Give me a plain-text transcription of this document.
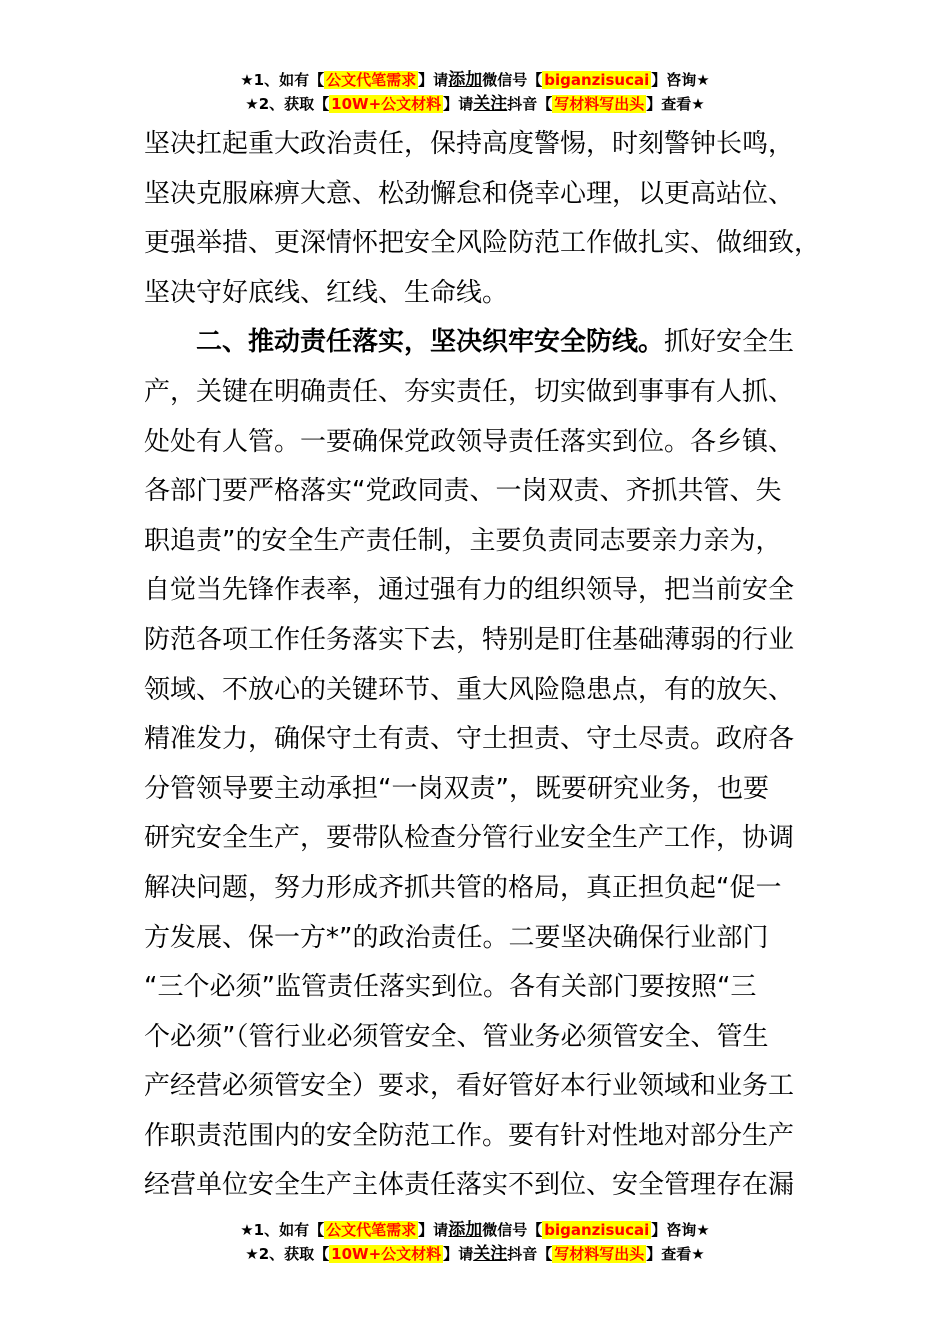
★1、如有【 公文代笔需求 】请添加微信号【 biganzisucai 】咨询★
★2、获取【 10W+公文材料 】请关注抖音【 写材料写出头 】查看★
坚决扛起重大政治责任，保持高度警惕，时刻警钟长鸣，
坚决克服麻痹大意、松劲懈怠和侥幸心理，以更高站位、
更强举措、更深情怀把安全风险防范工作做扎实、做细致，
坚决守好底线、红线、生命线。
二、推动责任落实，坚决织牢安全防线。抓好安全生
产，关键在明确责任、夯实责任，切实做到事事有人抓、
处处有人管。一要确保党政领导责任落实到位。各乡镇、
各部门要严格落实“党政同责、一岗双责、齐抓共管、失
职追责”的安全生产责任制，主要负责同志要亲力亲为，
自觉当先锋作表率，通过强有力的组织领导，把当前安全
防范各项工作任务落实下去，特别是盯住基础薄弱的行业
领域、不放心的关键环节、重大风险隐患点，有的放矢、
精准发力，确保守土有责、守土担责、守土尽责。政府各
分管领导要主动承担“一岗双责”，既要研究业务，也要
研究安全生产，要带队检查分管行业安全生产工作，协调
解决问题，努力形成齐抓共管的格局，真正担负起“促一
方发展、保一方*”的政治责任。二要坚决确保行业部门
“三个必须”监管责任落实到位。各有关部门要按照“三
个必须”（管行业必须管安全、管业务必须管安全、管生
产经营必须管安全）要求，看好管好本行业领域和业务工
作职责范围内的安全防范工作。要有针对性地对部分生产
经营单位安全生产主体责任落实不到位、安全管理存在漏
★1、如有【 公文代笔需求 】请添加微信号【 biganzisucai 】咨询★
★2、获取【 10W+公文材料 】请关注抖音【 写材料写出头 】查看★
